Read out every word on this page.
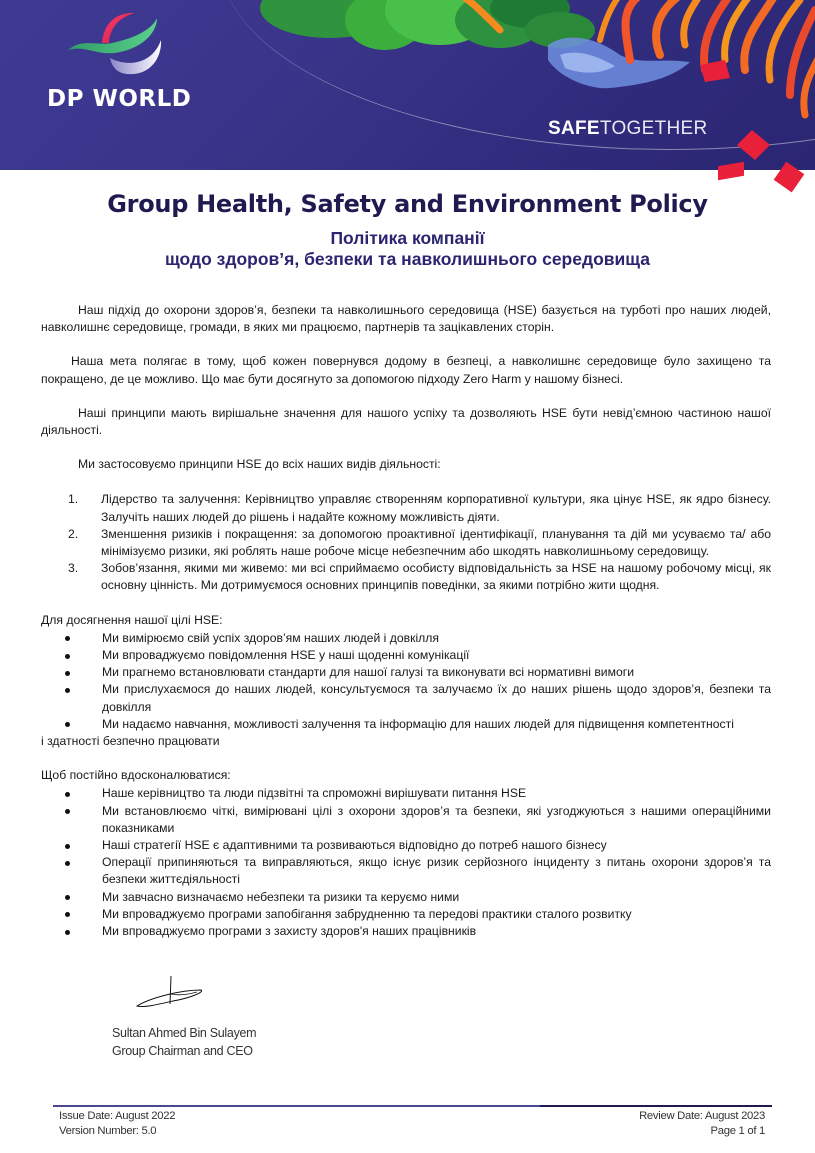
DP WORLD
SAFETOGETHER
Group Health, Safety and Environment Policy
Політика компанії
щодо здоров’я, безпеки та навколишнього середовища

Наш підхід до охорони здоров’я, безпеки та навколишнього середовища (HSE) базується на турботі про наших людей, навколишнє середовище, громади, в яких ми працюємо, партнерів та зацікавлених сторін.

Наша мета полягає в тому, щоб кожен повернувся додому в безпеці, а навколишнє середовище було захищено та покращено, де це можливо. Що має бути досягнуто за допомогою підходу Zero Harm у нашому бізнесі.

Наші принципи мають вирішальне значення для нашого успіху та дозволяють HSE бути невід’ємною частиною нашої діяльності.

Ми застосовуємо принципи HSE до всіх наших видів діяльності:

1. Лідерство та залучення: Керівництво управляє створенням корпоративної культури, яка цінує HSE, як ядро бізнесу. Залучіть наших людей до рішень і надайте кожному можливість діяти.
2. Зменшення ризиків і покращення: за допомогою проактивної ідентифікації, планування та дій ми усуваємо та/ або мінімізуємо ризики, які роблять наше робоче місце небезпечним або шкодять навколишньому середовищу.
3. Зобов’язання, якими ми живемо: ми всі сприймаємо особисту відповідальність за HSE на нашому робочому місці, як основну цінність. Ми дотримуємося основних принципів поведінки, за якими потрібно жити щодня.
Для досягнення нашої цілі HSE:
Ми вимірюємо свій успіх здоров’ям наших людей і довкілля
Ми впроваджуємо повідомлення HSE у наші щоденні комунікації
Ми прагнемо встановлювати стандарти для нашої галузі та виконувати всі нормативні вимоги
Ми прислухаємося до наших людей, консультуємося та залучаємо їх до наших рішень щодо здоров’я, безпеки та довкілля
Ми надаємо навчання, можливості залучення та інформацію для наших людей для підвищення компетентності
і здатності безпечно працювати
Щоб постійно вдосконалюватися:
Наше керівництво та люди підзвітні та спроможні вирішувати питання HSE
Ми встановлюємо чіткі, вимірювані цілі з охорони здоров’я та безпеки, які узгоджуються з нашими операційними показниками
Наші стратегії HSE є адаптивними та розвиваються відповідно до потреб нашого бізнесу
Операції припиняються та виправляються, якщо існує ризик серйозного інциденту з питань охорони здоров’я та безпеки життєдіяльності
Ми завчасно визначаємо небезпеки та ризики та керуємо ними
Ми впроваджуємо програми запобігання забрудненню та передові практики сталого розвитку
Ми впроваджуємо програми з захисту здоров'я наших працівників
Sultan Ahmed Bin Sulayem
Group Chairman and CEO
Issue Date: August 2022
Version Number: 5.0
Review Date: August 2023
Page 1 of 1
